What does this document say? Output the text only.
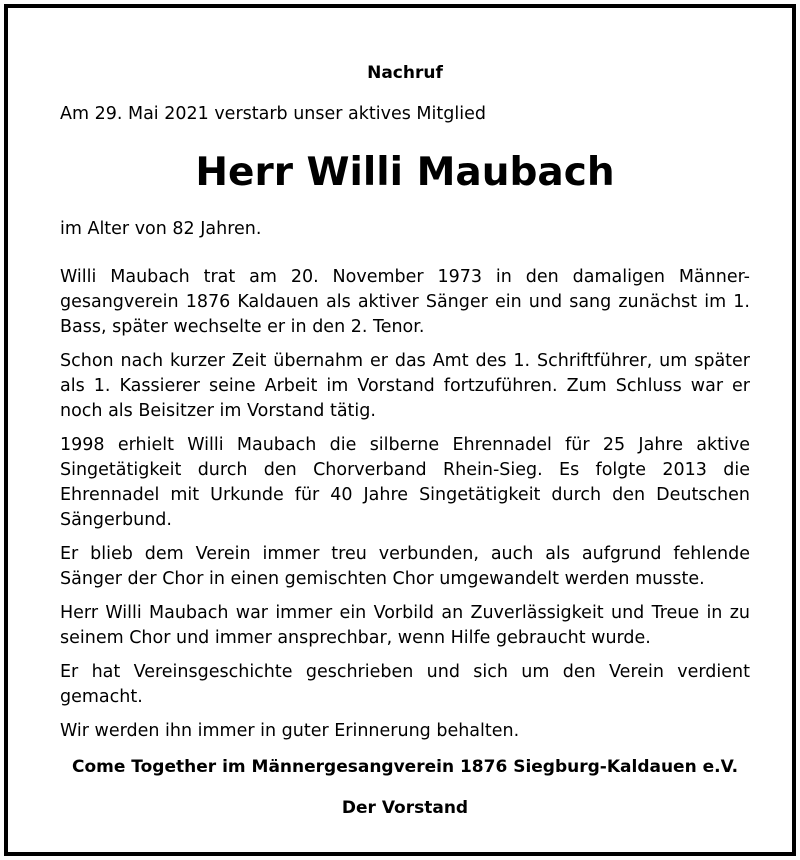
Nachruf
Am 29. Mai 2021 verstarb unser aktives Mitglied
Herr Willi Maubach
im Alter von 82 Jahren.

Willi Maubach trat am 20. November 1973 in den damaligen Männer-gesangverein 1876 Kaldauen als aktiver Sänger ein und sang zunächst im 1. Bass, später wechselte er in den 2. Tenor.

Schon nach kurzer Zeit übernahm er das Amt des 1. Schriftführer, um später als 1. Kassierer seine Arbeit im Vorstand fortzuführen. Zum Schluss war er noch als Beisitzer im Vorstand tätig.

1998 erhielt Willi Maubach die silberne Ehrennadel für 25 Jahre aktive Singetätigkeit durch den Chorverband Rhein-Sieg. Es folgte 2013 die Ehrennadel mit Urkunde für 40 Jahre Singetätigkeit durch den Deutschen Sängerbund.

Er blieb dem Verein immer treu verbunden, auch als aufgrund fehlende Sänger der Chor in einen gemischten Chor umgewandelt werden musste.

Herr Willi Maubach war immer ein Vorbild an Zuverlässigkeit und Treue in zu seinem Chor und immer ansprechbar, wenn Hilfe gebraucht wurde.

Er hat Vereinsgeschichte geschrieben und sich um den Verein verdient gemacht.

Wir werden ihn immer in guter Erinnerung behalten.

Come Together im Männergesangverein 1876 Siegburg-Kaldauen e.V.
Der Vorstand
